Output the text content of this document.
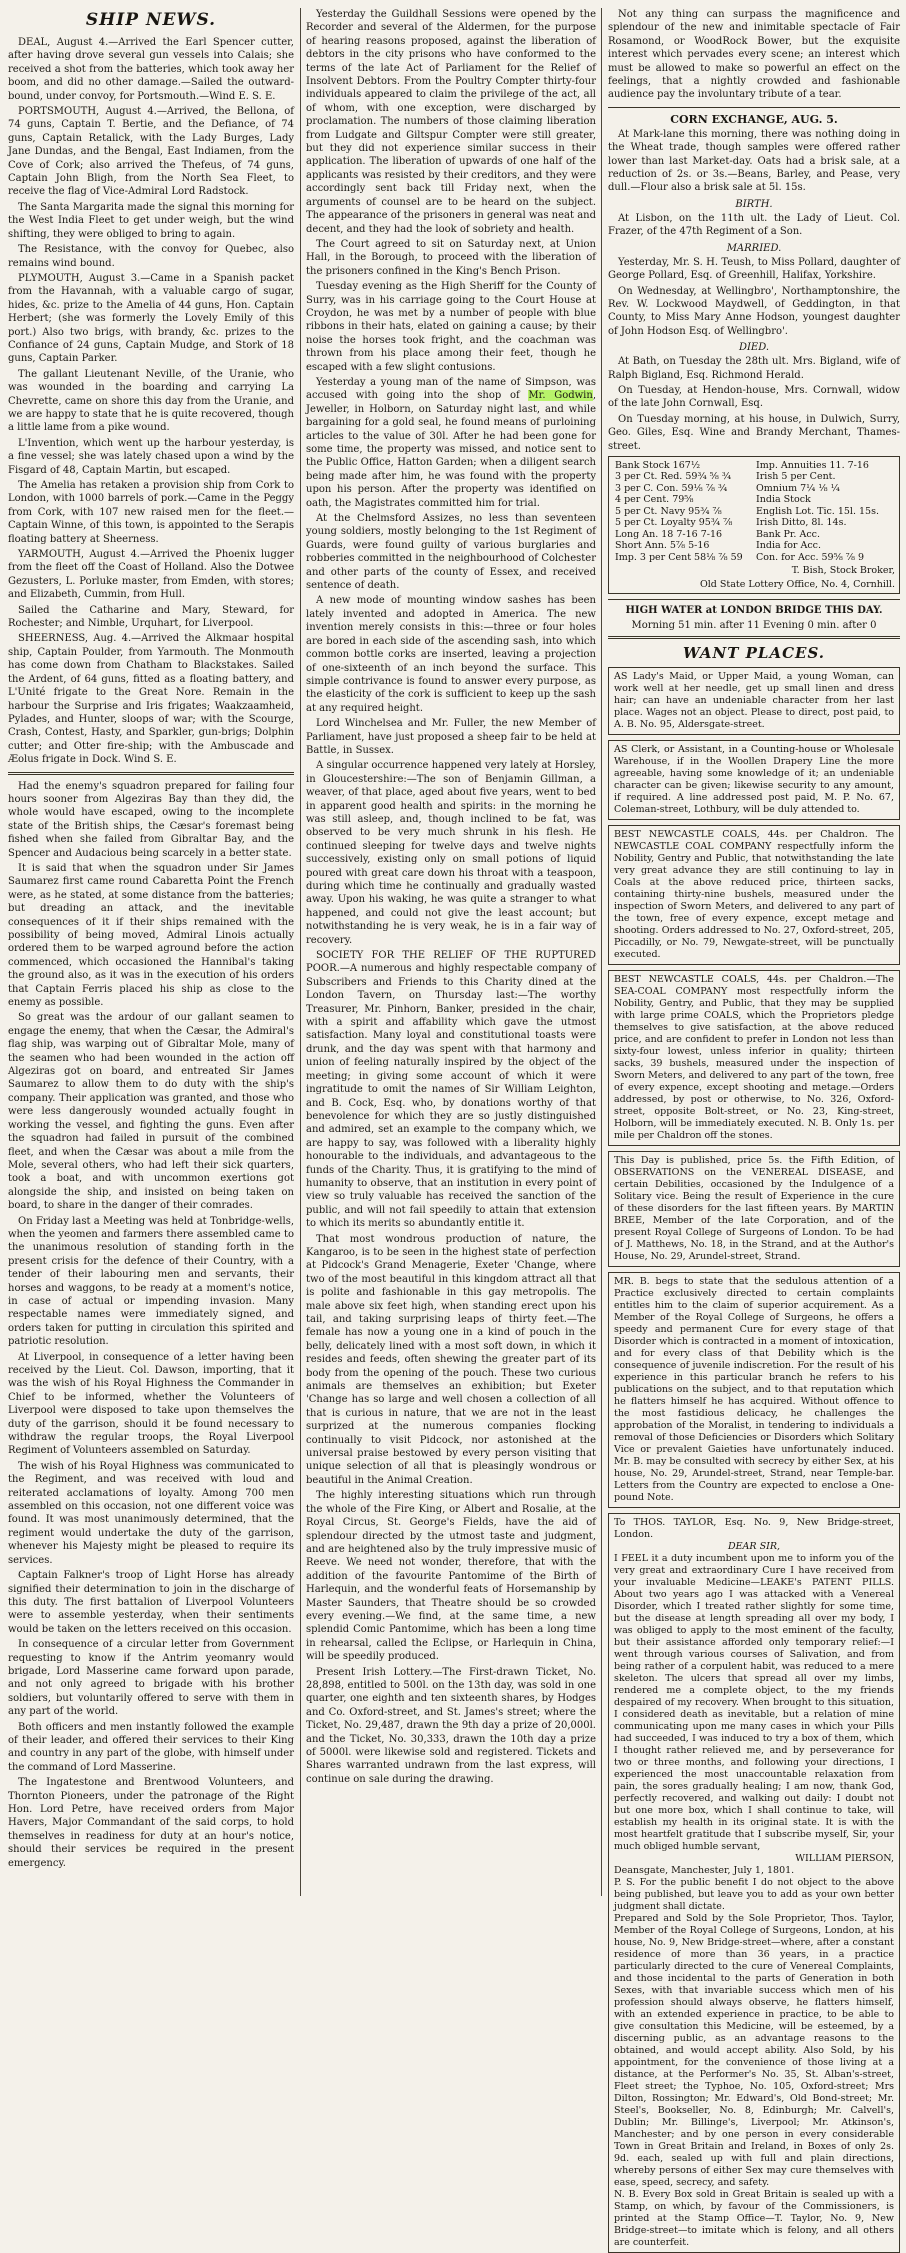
SHIP NEWS.

DEAL, August 4.—Arrived the Earl Spencer cutter, after having drove several gun vessels into Calais; she received a shot from the batteries, which took away her boom, and did no other damage.—Sailed the outward-bound, under convoy, for Portsmouth.—Wind E. S. E.

PORTSMOUTH, August 4.—Arrived, the Bellona, of 74 guns, Captain T. Bertie, and the Defiance, of 74 guns, Captain Retalick, with the Lady Burges, Lady Jane Dundas, and the Bengal, East Indiamen, from the Cove of Cork; also arrived the Thefeus, of 74 guns, Captain John Bligh, from the North Sea Fleet, to receive the flag of Vice-Admiral Lord Radstock.

The Santa Margarita made the signal this morning for the West India Fleet to get under weigh, but the wind shifting, they were obliged to bring to again.

The Resistance, with the convoy for Quebec, also remains wind bound.

PLYMOUTH, August 3.—Came in a Spanish packet from the Havannah, with a valuable cargo of sugar, hides, &c. prize to the Amelia of 44 guns, Hon. Captain Herbert; (she was formerly the Lovely Emily of this port.) Also two brigs, with brandy, &c. prizes to the Confiance of 24 guns, Captain Mudge, and Stork of 18 guns, Captain Parker.

The gallant Lieutenant Neville, of the Uranie, who was wounded in the boarding and carrying La Chevrette, came on shore this day from the Uranie, and we are happy to state that he is quite recovered, though a little lame from a pike wound.

L'Invention, which went up the harbour yesterday, is a fine vessel; she was lately chased upon a wind by the Fisgard of 48, Captain Martin, but escaped.

The Amelia has retaken a provision ship from Cork to London, with 1000 barrels of pork.—Came in the Peggy from Cork, with 107 new raised men for the fleet.—Captain Winne, of this town, is appointed to the Serapis floating battery at Sheerness.

YARMOUTH, August 4.—Arrived the Phoenix lugger from the fleet off the Coast of Holland. Also the Dotwee Gezusters, L. Porluke master, from Emden, with stores; and Elizabeth, Cummin, from Hull.

Sailed the Catharine and Mary, Steward, for Rochester; and Nimble, Urquhart, for Liverpool.

SHEERNESS, Aug. 4.—Arrived the Alkmaar hospital ship, Captain Poulder, from Yarmouth. The Monmouth has come down from Chatham to Blackstakes. Sailed the Ardent, of 64 guns, fitted as a floating battery, and L'Unité frigate to the Great Nore. Remain in the harbour the Surprise and Iris frigates; Waakzaamheid, Pylades, and Hunter, sloops of war; with the Scourge, Crash, Contest, Hasty, and Sparkler, gun-brigs; Dolphin cutter; and Otter fire-ship; with the Ambuscade and Æolus frigate in Dock. Wind S. E.

Had the enemy's squadron prepared for failing four hours sooner from Algeziras Bay than they did, the whole would have escaped, owing to the incomplete state of the British ships, the Cæsar's foremast being fished when she failed from Gibraltar Bay, and the Spencer and Audacious being scarcely in a better state.

It is said that when the squadron under Sir James Saumarez first came round Cabaretta Point the French were, as he stated, at some distance from the batteries; but dreading an attack, and the inevitable consequences of it if their ships remained with the possibility of being moved, Admiral Linois actually ordered them to be warped aground before the action commenced, which occasioned the Hannibal's taking the ground also, as it was in the execution of his orders that Captain Ferris placed his ship as close to the enemy as possible.

So great was the ardour of our gallant seamen to engage the enemy, that when the Cæsar, the Admiral's flag ship, was warping out of Gibraltar Mole, many of the seamen who had been wounded in the action off Algeziras got on board, and entreated Sir James Saumarez to allow them to do duty with the ship's company. Their application was granted, and those who were less dangerously wounded actually fought in working the vessel, and fighting the guns. Even after the squadron had failed in pursuit of the combined fleet, and when the Cæsar was about a mile from the Mole, several others, who had left their sick quarters, took a boat, and with uncommon exertions got alongside the ship, and insisted on being taken on board, to share in the danger of their comrades.

On Friday last a Meeting was held at Tonbridge-wells, when the yeomen and farmers there assembled came to the unanimous resolution of standing forth in the present crisis for the defence of their Country, with a tender of their labouring men and servants, their horses and waggons, to be ready at a moment's notice, in case of actual or impending invasion. Many respectable names were immediately signed, and orders taken for putting in circulation this spirited and patriotic resolution.

At Liverpool, in consequence of a letter having been received by the Lieut. Col. Dawson, importing, that it was the wish of his Royal Highness the Commander in Chief to be informed, whether the Volunteers of Liverpool were disposed to take upon themselves the duty of the garrison, should it be found necessary to withdraw the regular troops, the Royal Liverpool Regiment of Volunteers assembled on Saturday.

The wish of his Royal Highness was communicated to the Regiment, and was received with loud and reiterated acclamations of loyalty. Among 700 men assembled on this occasion, not one different voice was found. It was most unanimously determined, that the regiment would undertake the duty of the garrison, whenever his Majesty might be pleased to require its services.

Captain Falkner's troop of Light Horse has already signified their determination to join in the discharge of this duty. The first battalion of Liverpool Volunteers were to assemble yesterday, when their sentiments would be taken on the letters received on this occasion.

In consequence of a circular letter from Government requesting to know if the Antrim yeomanry would brigade, Lord Masserine came forward upon parade, and not only agreed to brigade with his brother soldiers, but voluntarily offered to serve with them in any part of the world.

Both officers and men instantly followed the example of their leader, and offered their services to their King and country in any part of the globe, with himself under the command of Lord Masserine.

The Ingatestone and Brentwood Volunteers, and Thornton Pioneers, under the patronage of the Right Hon. Lord Petre, have received orders from Major Havers, Major Commandant of the said corps, to hold themselves in readiness for duty at an hour's notice, should their services be required in the present emergency.

Yesterday the Guildhall Sessions were opened by the Recorder and several of the Aldermen, for the purpose of hearing reasons proposed, against the liberation of debtors in the city prisons who have conformed to the terms of the late Act of Parliament for the Relief of Insolvent Debtors. From the Poultry Compter thirty-four individuals appeared to claim the privilege of the act, all of whom, with one exception, were discharged by proclamation. The numbers of those claiming liberation from Ludgate and Giltspur Compter were still greater, but they did not experience similar success in their application. The liberation of upwards of one half of the applicants was resisted by their creditors, and they were accordingly sent back till Friday next, when the arguments of counsel are to be heard on the subject. The appearance of the prisoners in general was neat and decent, and they had the look of sobriety and health.

The Court agreed to sit on Saturday next, at Union Hall, in the Borough, to proceed with the liberation of the prisoners confined in the King's Bench Prison.

Tuesday evening as the High Sheriff for the County of Surry, was in his carriage going to the Court House at Croydon, he was met by a number of people with blue ribbons in their hats, elated on gaining a cause; by their noise the horses took fright, and the coachman was thrown from his place among their feet, though he escaped with a few slight contusions.

Yesterday a young man of the name of Simpson, was accused with going into the shop of Mr. Godwin, Jeweller, in Holborn, on Saturday night last, and while bargaining for a gold seal, he found means of purloining articles to the value of 30l. After he had been gone for some time, the property was missed, and notice sent to the Public Office, Hatton Garden; when a diligent search being made after him, he was found with the property upon his person. After the property was identified on oath, the Magistrates committed him for trial.

At the Chelmsford Assizes, no less than seventeen young soldiers, mostly belonging to the 1st Regiment of Guards, were found guilty of various burglaries and robberies committed in the neighbourhood of Colchester and other parts of the county of Essex, and received sentence of death.

A new mode of mounting window sashes has been lately invented and adopted in America. The new invention merely consists in this:—three or four holes are bored in each side of the ascending sash, into which common bottle corks are inserted, leaving a projection of one-sixteenth of an inch beyond the surface. This simple contrivance is found to answer every purpose, as the elasticity of the cork is sufficient to keep up the sash at any required height.

Lord Winchelsea and Mr. Fuller, the new Member of Parliament, have just proposed a sheep fair to be held at Battle, in Sussex.

A singular occurrence happened very lately at Horsley, in Gloucestershire:—The son of Benjamin Gillman, a weaver, of that place, aged about five years, went to bed in apparent good health and spirits: in the morning he was still asleep, and, though inclined to be fat, was observed to be very much shrunk in his flesh. He continued sleeping for twelve days and twelve nights successively, existing only on small potions of liquid poured with great care down his throat with a teaspoon, during which time he continually and gradually wasted away. Upon his waking, he was quite a stranger to what happened, and could not give the least account; but notwithstanding he is very weak, he is in a fair way of recovery.

SOCIETY FOR THE RELIEF OF THE RUPTURED POOR.—A numerous and highly respectable company of Subscribers and Friends to this Charity dined at the London Tavern, on Thursday last:—The worthy Treasurer, Mr. Pinhorn, Banker, presided in the chair, with a spirit and affability which gave the utmost satisfaction. Many loyal and constitutional toasts were drunk, and the day was spent with that harmony and union of feeling naturally inspired by the object of the meeting; in giving some account of which it were ingratitude to omit the names of Sir William Leighton, and B. Cock, Esq. who, by donations worthy of that benevolence for which they are so justly distinguished and admired, set an example to the company which, we are happy to say, was followed with a liberality highly honourable to the individuals, and advantageous to the funds of the Charity. Thus, it is gratifying to the mind of humanity to observe, that an institution in every point of view so truly valuable has received the sanction of the public, and will not fail speedily to attain that extension to which its merits so abundantly entitle it.

That most wondrous production of nature, the Kangaroo, is to be seen in the highest state of perfection at Pidcock's Grand Menagerie, Exeter 'Change, where two of the most beautiful in this kingdom attract all that is polite and fashionable in this gay metropolis. The male above six feet high, when standing erect upon his tail, and taking surprising leaps of thirty feet.—The female has now a young one in a kind of pouch in the belly, delicately lined with a most soft down, in which it resides and feeds, often shewing the greater part of its body from the opening of the pouch. These two curious animals are themselves an exhibition; but Exeter 'Change has so large and well chosen a collection of all that is curious in nature, that we are not in the least surprized at the numerous companies flocking continually to visit Pidcock, nor astonished at the universal praise bestowed by every person visiting that unique selection of all that is pleasingly wondrous or beautiful in the Animal Creation.

The highly interesting situations which run through the whole of the Fire King, or Albert and Rosalie, at the Royal Circus, St. George's Fields, have the aid of splendour directed by the utmost taste and judgment, and are heightened also by the truly impressive music of Reeve. We need not wonder, therefore, that with the addition of the favourite Pantomime of the Birth of Harlequin, and the wonderful feats of Horsemanship by Master Saunders, that Theatre should be so crowded every evening.—We find, at the same time, a new splendid Comic Pantomime, which has been a long time in rehearsal, called the Eclipse, or Harlequin in China, will be speedily produced.

Present Irish Lottery.—The First-drawn Ticket, No. 28,898, entitled to 500l. on the 13th day, was sold in one quarter, one eighth and ten sixteenth shares, by Hodges and Co. Oxford-street, and St. James's street; where the Ticket, No. 29,487, drawn the 9th day a prize of 20,000l. and the Ticket, No. 30,333, drawn the 10th day a prize of 5000l. were likewise sold and registered. Tickets and Shares warranted undrawn from the last express, will continue on sale during the drawing.

Not any thing can surpass the magnificence and splendour of the new and inimitable spectacle of Fair Rosamond, or WoodRock Bower, but the exquisite interest which pervades every scene; an interest which must be allowed to make so powerful an effect on the feelings, that a nightly crowded and fashionable audience pay the involuntary tribute of a tear.

CORN EXCHANGE, AUG. 5.

At Mark-lane this morning, there was nothing doing in the Wheat trade, though samples were offered rather lower than last Market-day. Oats had a brisk sale, at a reduction of 2s. or 3s.—Beans, Barley, and Pease, very dull.—Flour also a brisk sale at 5l. 15s.

BIRTH.

At Lisbon, on the 11th ult. the Lady of Lieut. Col. Frazer, of the 47th Regiment of a Son.

MARRIED.

Yesterday, Mr. S. H. Teush, to Miss Pollard, daughter of George Pollard, Esq. of Greenhill, Halifax, Yorkshire.

On Wednesday, at Wellingbro', Northamptonshire, the Rev. W. Lockwood Maydwell, of Geddington, in that County, to Miss Mary Anne Hodson, youngest daughter of John Hodson Esq. of Wellingbro'.

DIED.

At Bath, on Tuesday the 28th ult. Mrs. Bigland, wife of Ralph Bigland, Esq. Richmond Herald.

On Tuesday, at Hendon-house, Mrs. Cornwall, widow of the late John Cornwall, Esq.

On Tuesday morning, at his house, in Dulwich, Surry, Geo. Giles, Esq. Wine and Brandy Merchant, Thames-street.

Bank Stock 167½	Imp. Annuities 11. 7-16
3 per Ct. Red. 59¾ ⅝ ¾	Irish 5 per Cent.
3 per C. Con. 59⅛ ⅞ ¾	Omnium 7¼ ⅛ ¼
4 per Cent. 79⅝	India Stock
5 per Ct. Navy 95¾ ⅞	English Lot. Tic. 15l. 15s.
5 per Ct. Loyalty 95¾ ⅞	Irish Ditto, 8l. 14s.
Long An. 18 7-16 7-16	Bank Pr. Acc.
Short Ann. 5⅞ 5-16	India for Acc.
Imp. 3 per Cent 58⅛ ⅞ 59	Con. for Acc. 59⅝ ⅞ 9
T. Bish, Stock Broker,
Old State Lottery Office, No. 4, Cornhill.
HIGH WATER at LONDON BRIDGE THIS DAY.
Morning 51 min. after 11 Evening 0 min. after 0
WANT PLACES.
AS Lady's Maid, or Upper Maid, a young Woman, can work well at her needle, get up small linen and dress hair; can have an undeniable character from her last place. Wages not an object. Please to direct, post paid, to A. B. No. 95, Aldersgate-street.
AS Clerk, or Assistant, in a Counting-house or Wholesale Warehouse, if in the Woollen Drapery Line the more agreeable, having some knowledge of it; an undeniable character can be given; likewise security to any amount, if required. A line addressed post paid, M. P. No. 67, Coleman-street, Lothbury, will be duly attended to.
BEST NEWCASTLE COALS, 44s. per Chaldron. The NEWCASTLE COAL COMPANY respectfully inform the Nobility, Gentry and Public, that notwithstanding the late very great advance they are still continuing to lay in Coals at the above reduced price, thirteen sacks, containing thirty-nine bushels, measured under the inspection of Sworn Meters, and delivered to any part of the town, free of every expence, except metage and shooting. Orders addressed to No. 27, Oxford-street, 205, Piccadilly, or No. 79, Newgate-street, will be punctually executed.
BEST NEWCASTLE COALS, 44s. per Chaldron.—The SEA-COAL COMPANY most respectfully inform the Nobility, Gentry, and Public, that they may be supplied with large prime COALS, which the Proprietors pledge themselves to give satisfaction, at the above reduced price, and are confident to prefer in London not less than sixty-four lowest, unless inferior in quality; thirteen sacks, 39 bushels, measured under the inspection of Sworn Meters, and delivered to any part of the town, free of every expence, except shooting and metage.—Orders addressed, by post or otherwise, to No. 326, Oxford-street, opposite Bolt-street, or No. 23, King-street, Holborn, will be immediately executed. N. B. Only 1s. per mile per Chaldron off the stones.
This Day is published, price 5s. the Fifth Edition, of OBSERVATIONS on the VENEREAL DISEASE, and certain Debilities, occasioned by the Indulgence of a Solitary vice. Being the result of Experience in the cure of these disorders for the last fifteen years. By MARTIN BREE, Member of the late Corporation, and of the present Royal College of Surgeons of London. To be had of J. Matthews, No. 18, in the Strand, and at the Author's House, No. 29, Arundel-street, Strand.
MR. B. begs to state that the sedulous attention of a Practice exclusively directed to certain complaints entitles him to the claim of superior acquirement. As a Member of the Royal College of Surgeons, he offers a speedy and permanent Cure for every stage of that Disorder which is contracted in a moment of intoxication, and for every class of that Debility which is the consequence of juvenile indiscretion. For the result of his experience in this particular branch he refers to his publications on the subject, and to that reputation which he flatters himself he has acquired. Without offence to the most fastidious delicacy, he challenges the approbation of the Moralist, in tendering to individuals a removal of those Deficiencies or Disorders which Solitary Vice or prevalent Gaieties have unfortunately induced. Mr. B. may be consulted with secrecy by either Sex, at his house, No. 29, Arundel-street, Strand, near Temple-bar. Letters from the Country are expected to enclose a One-pound Note.
To THOS. TAYLOR, Esq. No. 9, New Bridge-street, London.
DEAR SIR,
I FEEL it a duty incumbent upon me to inform you of the very great and extraordinary Cure I have received from your invaluable Medicine—LEAKE's PATENT PILLS. About two years ago I was attacked with a Venereal Disorder, which I treated rather slightly for some time, but the disease at length spreading all over my body, I was obliged to apply to the most eminent of the faculty, but their assistance afforded only temporary relief:—I went through various courses of Salivation, and from being rather of a corpulent habit, was reduced to a mere skeleton. The ulcers that spread all over my limbs, rendered me a complete object, to the my friends despaired of my recovery. When brought to this situation, I considered death as inevitable, but a relation of mine communicating upon me many cases in which your Pills had succeeded, I was induced to try a box of them, which I thought rather relieved me, and by perseverance for two or three months, and following your directions, I experienced the most unaccountable relaxation from pain, the sores gradually healing; I am now, thank God, perfectly recovered, and walking out daily: I doubt not but one more box, which I shall continue to take, will establish my health in its original state. It is with the most heartfelt gratitude that I subscribe myself, Sir, your much obliged humble servant,
WILLIAM PIERSON,
Deansgate, Manchester, July 1, 1801.
P. S. For the public benefit I do not object to the above being published, but leave you to add as your own better judgment shall dictate.
Prepared and Sold by the Sole Proprietor, Thos. Taylor, Member of the Royal College of Surgeons, London, at his house, No. 9, New Bridge-street—where, after a constant residence of more than 36 years, in a practice particularly directed to the cure of Venereal Complaints, and those incidental to the parts of Generation in both Sexes, with that invariable success which men of his profession should always observe, he flatters himself, with an extended experience in practice, to be able to give consultation this Medicine, will be esteemed, by a discerning public, as an advantage reasons to the obtained, and would accept ability. Also Sold, by his appointment, for the convenience of those living at a distance, at the Performer's No. 35, St. Alban's-street, Fleet street; the Typhoe, No. 105, Oxford-street; Mrs Dilton, Rossington; Mr. Edward's, Old Bond-street; Mr. Steel's, Bookseller, No. 8, Edinburgh; Mr. Calvell's, Dublin; Mr. Billinge's, Liverpool; Mr. Atkinson's, Manchester; and by one person in every considerable Town in Great Britain and Ireland, in Boxes of only 2s. 9d. each, sealed up with full and plain directions, whereby persons of either Sex may cure themselves with ease, speed, secrecy, and safety.
N. B. Every Box sold in Great Britain is sealed up with a Stamp, on which, by favour of the Commissioners, is printed at the Stamp Office—T. Taylor, No. 9, New Bridge-street—to imitate which is felony, and all others are counterfeit.
